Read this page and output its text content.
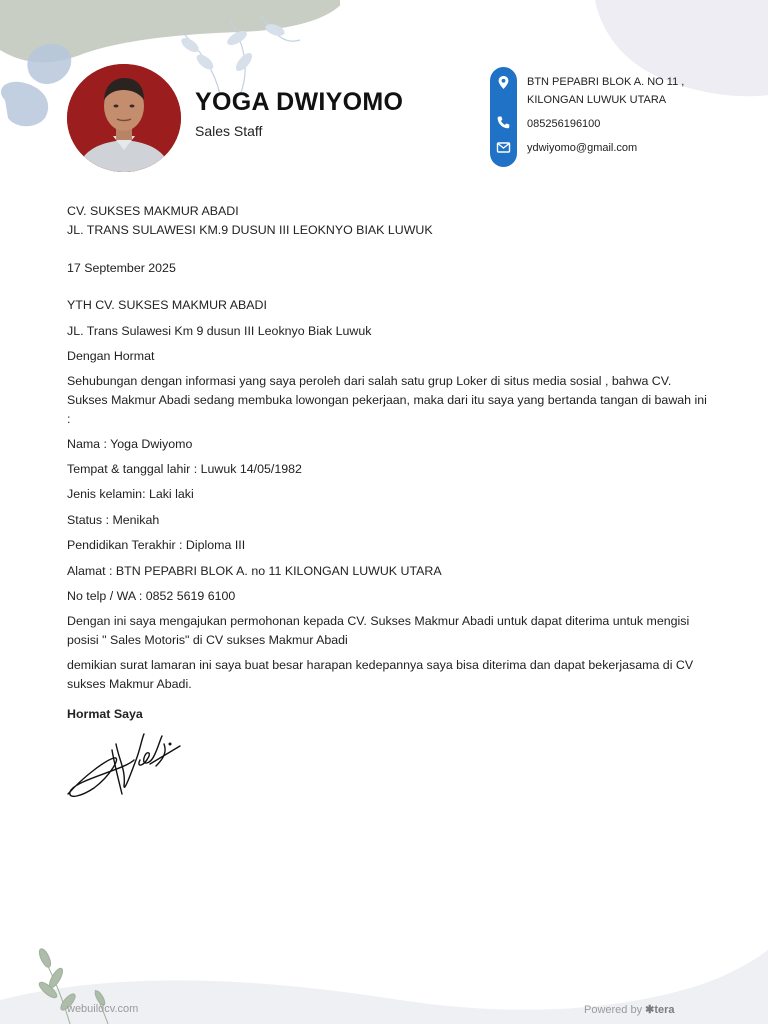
YOGA DWIYOMO
Sales Staff
BTN PEPABRI BLOK A. NO 11 ,
KILONGAN LUWUK UTARA
085256196100
ydwiyomo@gmail.com
CV. SUKSES MAKMUR ABADI
JL. TRANS SULAWESI KM.9 DUSUN III LEOKNYO BIAK LUWUK
17 September 2025
YTH CV. SUKSES MAKMUR ABADI
JL. Trans Sulawesi Km 9 dusun III Leoknyo Biak Luwuk
Dengan Hormat
Sehubungan dengan informasi yang saya peroleh dari salah satu grup Loker di situs media sosial , bahwa CV. Sukses Makmur Abadi sedang membuka lowongan pekerjaan, maka dari itu saya yang bertanda tangan di bawah ini :
Nama : Yoga Dwiyomo
Tempat & tanggal lahir : Luwuk 14/05/1982
Jenis kelamin: Laki laki
Status : Menikah
Pendidikan Terakhir : Diploma III
Alamat : BTN PEPABRI BLOK A. no 11 KILONGAN LUWUK UTARA
No telp / WA : 0852 5619 6100
Dengan ini saya mengajukan permohonan kepada CV. Sukses Makmur Abadi untuk dapat diterima untuk mengisi posisi " Sales Motoris" di CV sukses Makmur Abadi
demikian surat lamaran ini saya buat besar harapan kedepannya saya bisa diterima dan dapat bekerjasama di CV sukses Makmur Abadi.
Hormat Saya
webuildcv.com	Powered by ✱tera
